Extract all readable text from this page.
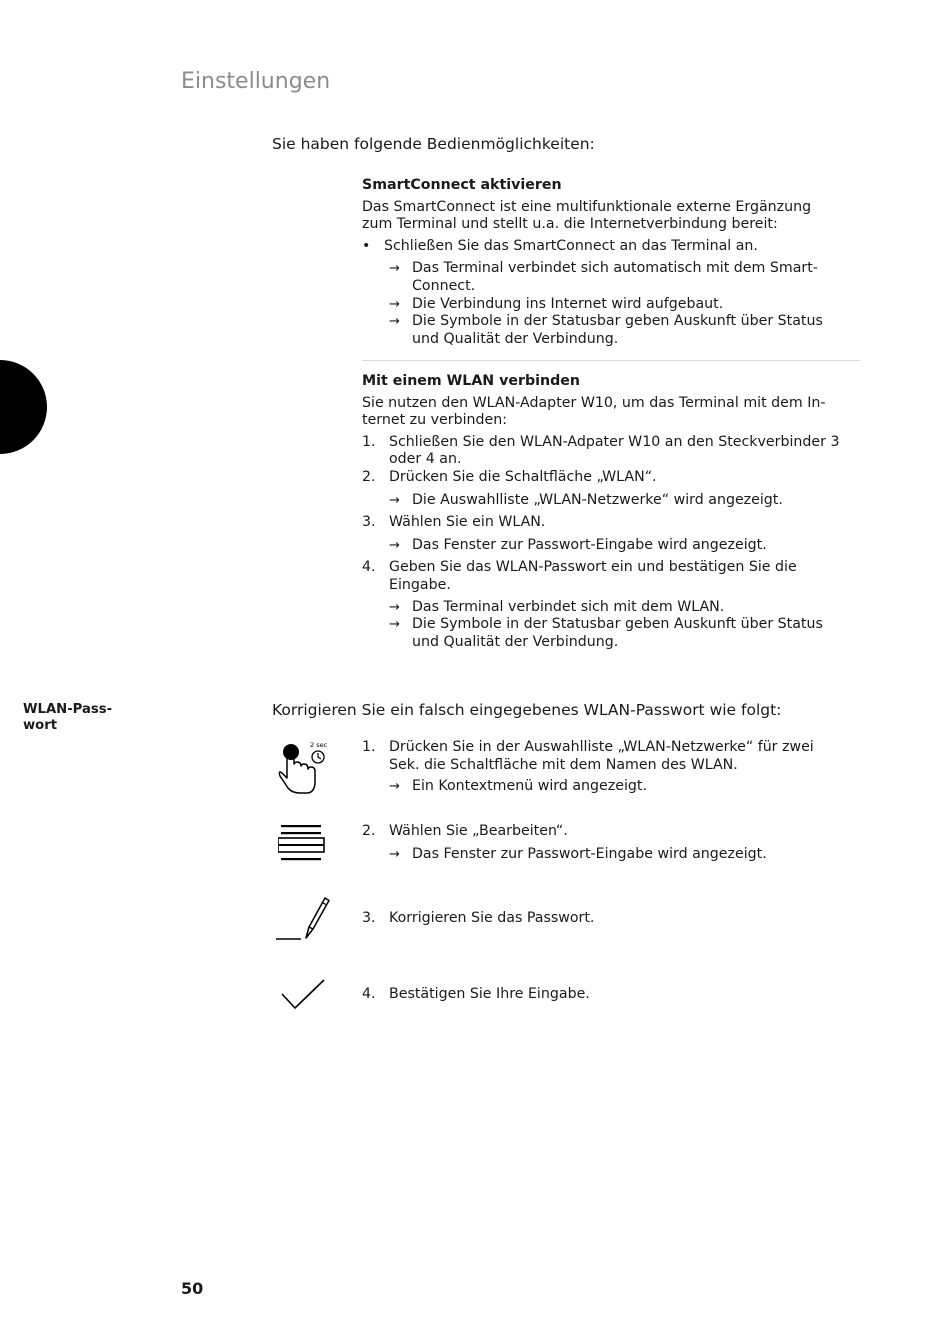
Einstellungen
Sie haben folgende Bedienmöglichkeiten:
SmartConnect aktivieren
Das SmartConnect ist eine multifunktionale externe Ergänzung
zum Terminal und stellt u.a. die Internetverbindung bereit:
• Schließen Sie das SmartConnect an das Terminal an.
→ Das Terminal verbindet sich automatisch mit dem Smart-
Connect.
→ Die Verbindung ins Internet wird aufgebaut.
→ Die Symbole in der Statusbar geben Auskunft über Status
und Qualität der Verbindung.
Mit einem WLAN verbinden
Sie nutzen den WLAN-Adapter W10, um das Terminal mit dem In-
ternet zu verbinden:
1. Schließen Sie den WLAN-Adpater W10 an den Steckverbinder 3
oder 4 an.
2. Drücken Sie die Schaltfläche „WLAN“.
→ Die Auswahlliste „WLAN-Netzwerke“ wird angezeigt.
3. Wählen Sie ein WLAN.
→ Das Fenster zur Passwort-Eingabe wird angezeigt.
4. Geben Sie das WLAN-Passwort ein und bestätigen Sie die
Eingabe.
→ Das Terminal verbindet sich mit dem WLAN.
→ Die Symbole in der Statusbar geben Auskunft über Status
und Qualität der Verbindung.
WLAN-Pass-
wort
Korrigieren Sie ein falsch eingegebenes WLAN-Passwort wie folgt:
2 sec 1. Drücken Sie in der Auswahlliste „WLAN-Netzwerke“ für zwei
Sek. die Schaltfläche mit dem Namen des WLAN.
→ Ein Kontextmenü wird angezeigt.
2. Wählen Sie „Bearbeiten“.
→ Das Fenster zur Passwort-Eingabe wird angezeigt.
3. Korrigieren Sie das Passwort.
4. Bestätigen Sie Ihre Eingabe.
50
